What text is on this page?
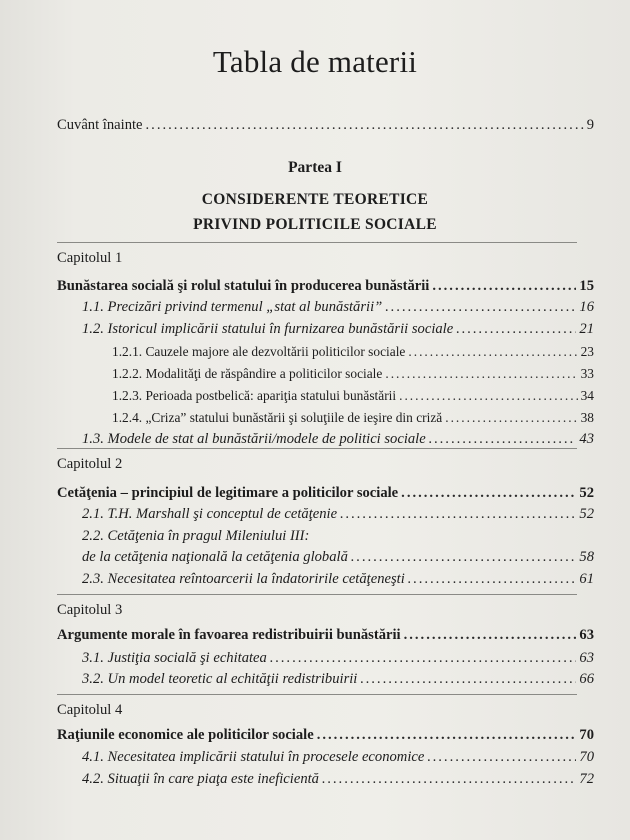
Tabla de materii
Cuvânt înainte .....	9
Partea I
CONSIDERENTE TEORETICE
PRIVIND POLITICILE SOCIALE
Capitolul 1
Bunăstarea socială şi rolul statului în producerea bunăstării .....	15
1.1. Precizări privind termenul „stat al bunăstării” .....	16
1.2. Istoricul implicării statului în furnizarea bunăstării sociale .....	21
1.2.1. Cauzele majore ale dezvoltării politicilor sociale .....	23
1.2.2. Modalităţi de răspândire a politicilor sociale .....	33
1.2.3. Perioada postbelică: apariţia statului bunăstării .....	34
1.2.4. „Criza” statului bunăstării şi soluţiile de ieşire din criză .....	38
1.3. Modele de stat al bunăstării/modele de politici sociale .....	43
Capitolul 2
Cetăţenia – principiul de legitimare a politicilor sociale .....	52
2.1. T.H. Marshall şi conceptul de cetăţenie .....	52
2.2. Cetăţenia în pragul Mileniului III:
de la cetăţenia naţională la cetăţenia globală .....	58
2.3. Necesitatea reîntoarcerii la îndatoririle cetăţeneşti .....	61
Capitolul 3
Argumente morale în favoarea redistribuirii bunăstării .....	63
3.1. Justiţia socială şi echitatea .....	63
3.2. Un model teoretic al echităţii redistribuirii .....	66
Capitolul 4
Raţiunile economice ale politicilor sociale .....	70
4.1. Necesitatea implicării statului în procesele economice .....	70
4.2. Situaţii în care piaţa este ineficientă .....	72
